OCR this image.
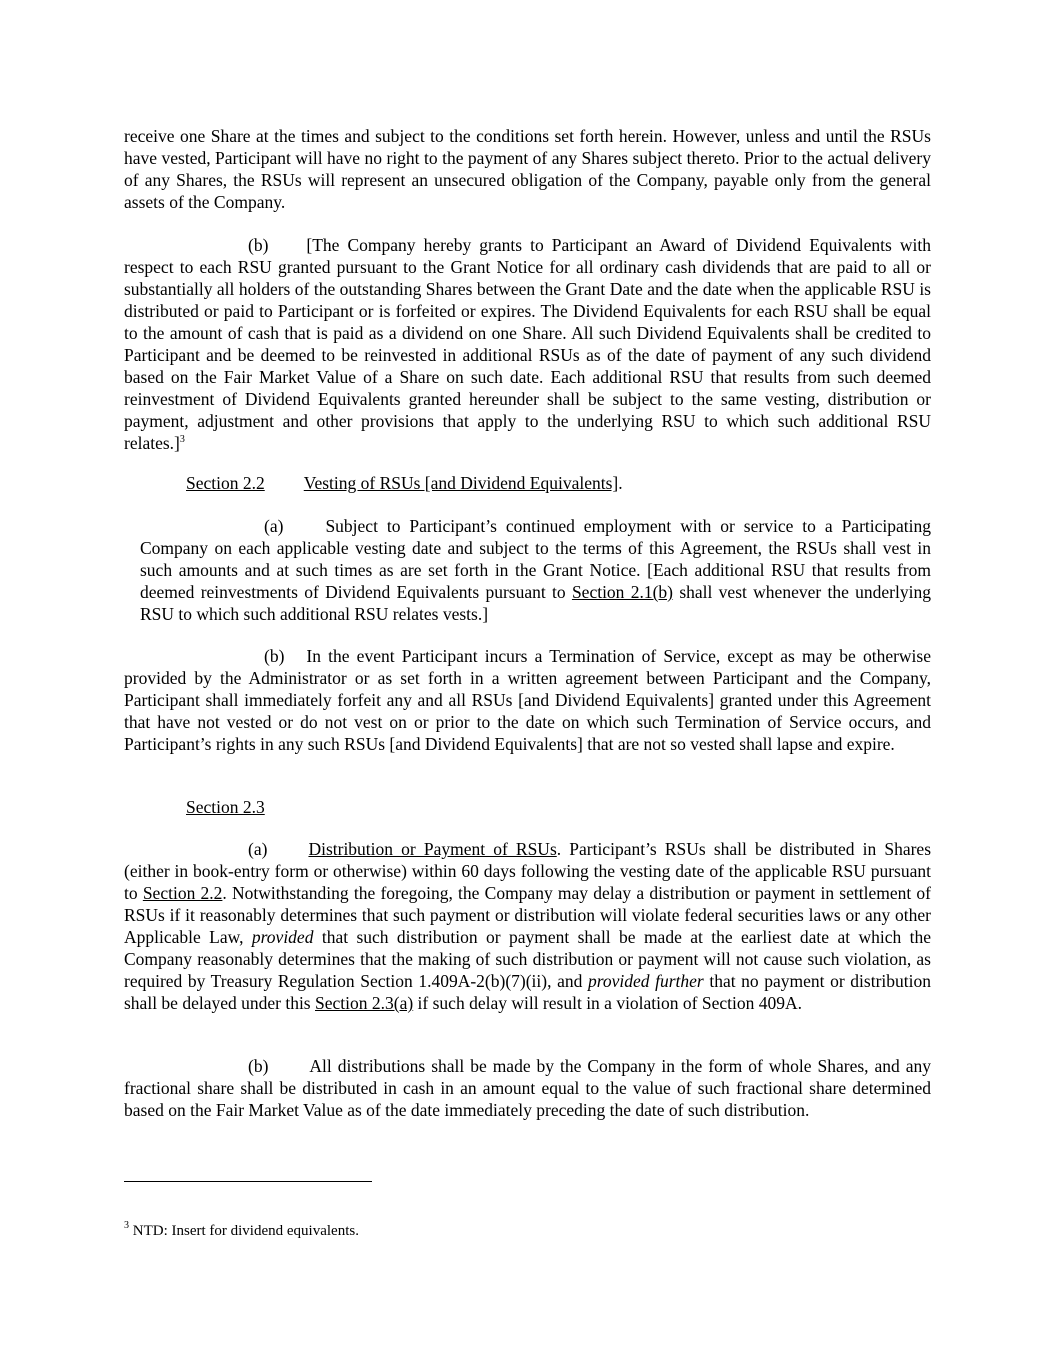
receive one Share at the times and subject to the conditions set forth herein. However, unless and until the RSUs have vested, Participant will have no right to the payment of any Shares subject thereto. Prior to the actual delivery of any Shares, the RSUs will represent an unsecured obligation of the Company, payable only from the general assets of the Company.

(b) [The Company hereby grants to Participant an Award of Dividend Equivalents with respect to each RSU granted pursuant to the Grant Notice for all ordinary cash dividends that are paid to all or substantially all holders of the outstanding Shares between the Grant Date and the date when the applicable RSU is distributed or paid to Participant or is forfeited or expires. The Dividend Equivalents for each RSU shall be equal to the amount of cash that is paid as a dividend on one Share. All such Dividend Equivalents shall be credited to Participant and be deemed to be reinvested in additional RSUs as of the date of payment of any such dividend based on the Fair Market Value of a Share on such date. Each additional RSU that results from such deemed reinvestment of Dividend Equivalents granted hereunder shall be subject to the same vesting, distribution or payment, adjustment and other provisions that apply to the underlying RSU to which such additional RSU relates.]$^3$

Section 2.2 Vesting of RSUs [and Dividend Equivalents].

(a) Subject to Participant’s continued employment with or service to a Participating Company on each applicable vesting date and subject to the terms of this Agreement, the RSUs shall vest in such amounts and at such times as are set forth in the Grant Notice. [Each additional RSU that results from deemed reinvestments of Dividend Equivalents pursuant to Section 2.1(b) shall vest whenever the underlying RSU to which such additional RSU relates vests.]

(b) In the event Participant incurs a Termination of Service, except as may be otherwise provided by the Administrator or as set forth in a written agreement between Participant and the Company, Participant shall immediately forfeit any and all RSUs [and Dividend Equivalents] granted under this Agreement that have not vested or do not vest on or prior to the date on which such Termination of Service occurs, and Participant’s rights in any such RSUs [and Dividend Equivalents] that are not so vested shall lapse and expire.

Section 2.3

(a) Distribution or Payment of RSUs. Participant’s RSUs shall be distributed in Shares (either in book-entry form or otherwise) within 60 days following the vesting date of the applicable RSU pursuant to Section 2.2. Notwithstanding the foregoing, the Company may delay a distribution or payment in settlement of RSUs if it reasonably determines that such payment or distribution will violate federal securities laws or any other Applicable Law, provided that such distribution or payment shall be made at the earliest date at which the Company reasonably determines that the making of such distribution or payment will not cause such violation, as required by Treasury Regulation Section 1.409A-2(b)(7)(ii), and provided further that no payment or distribution shall be delayed under this Section 2.3(a) if such delay will result in a violation of Section 409A.

(b) All distributions shall be made by the Company in the form of whole Shares, and any fractional share shall be distributed in cash in an amount equal to the value of such fractional share determined based on the Fair Market Value as of the date immediately preceding the date of such distribution.

$^3$ NTD: Insert for dividend equivalents.
